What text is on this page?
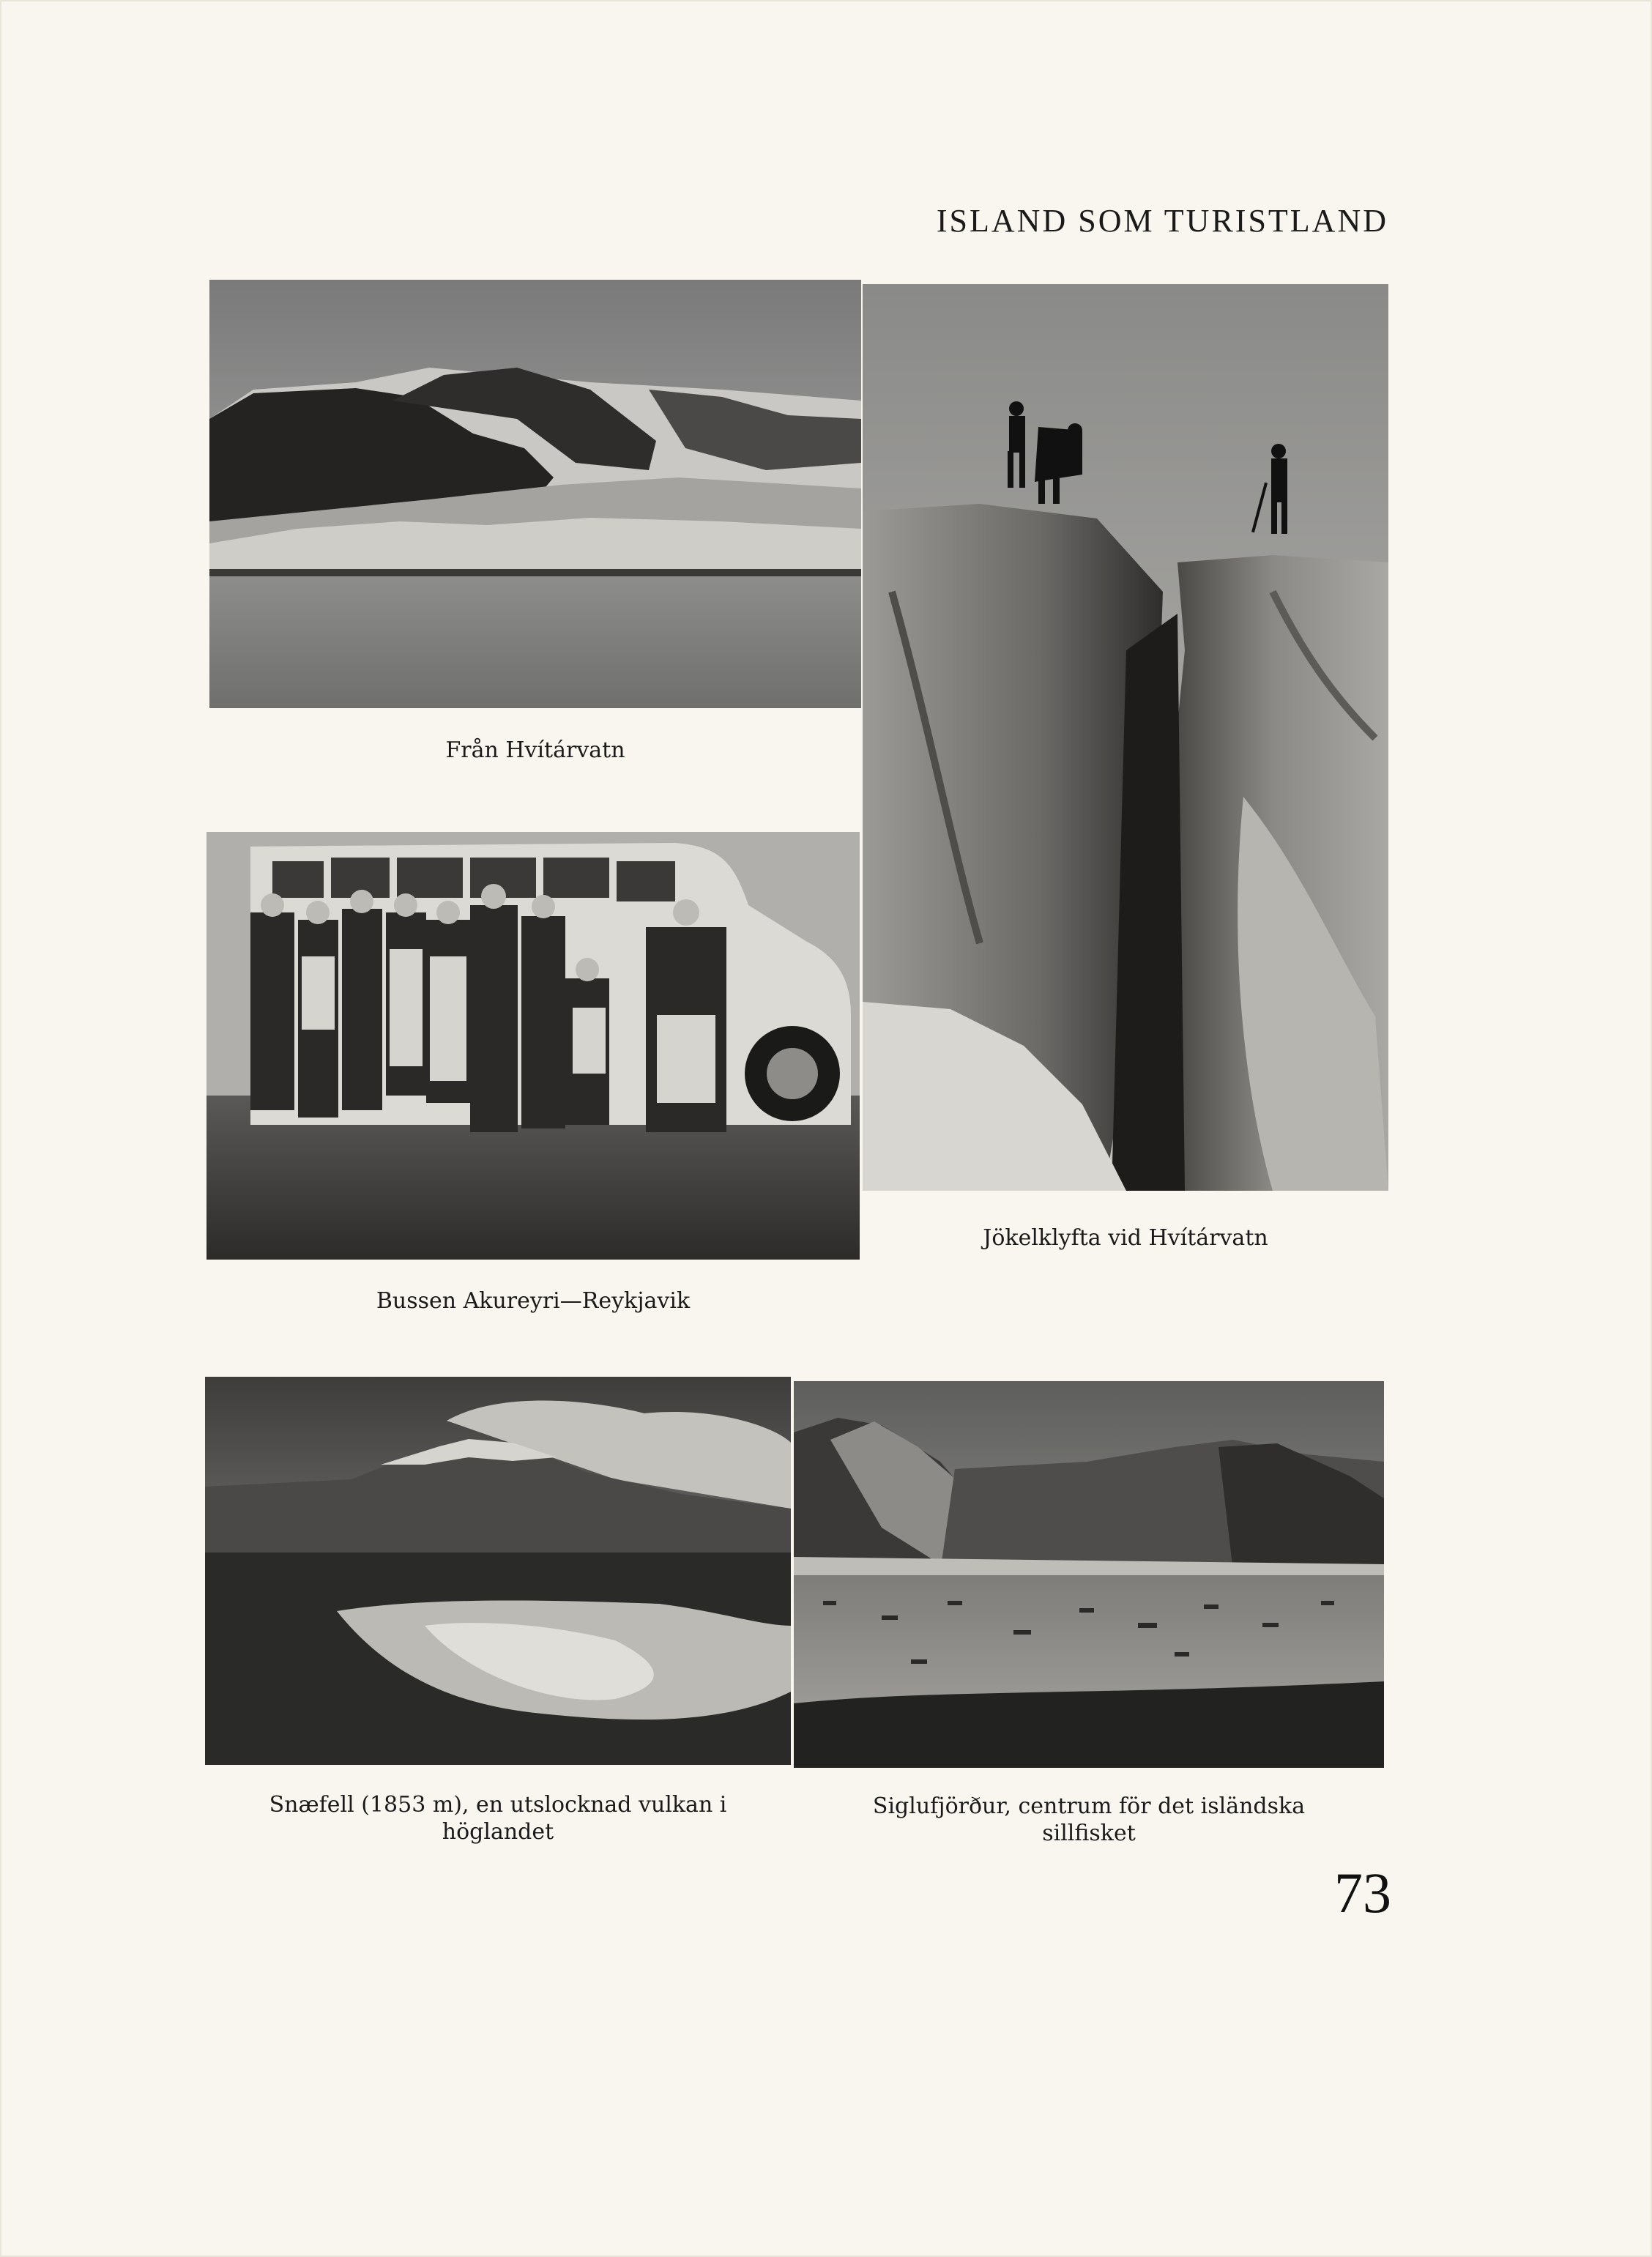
ISLAND SOM TURISTLAND
Från Hvítárvatn
Jökelklyfta vid Hvítárvatn
Bussen Akureyri—Reykjavik
Snæfell (1853 m), en utslocknad vulkan i
höglandet
Siglufjörður, centrum för det isländska
sillfisket
73
